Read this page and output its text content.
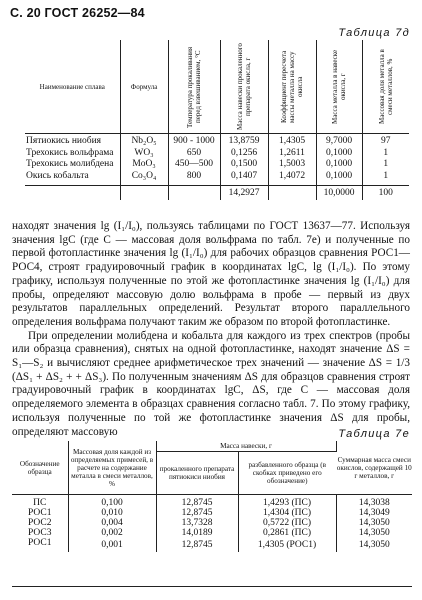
С. 20 ГОСТ 26252—84
Таблица 7д
Наименование сплава	Формула	Температура прокаливания перед взвешиванием, °С	Масса навески прокаленного препарата окисла, г	Коэффициент пересчета массы металла на массу окисла	Масса металла в навеске окисла, г	Массовая доля металла в смеси металлов, %

Пятиокись ниобия	Nb₂O₅	900 - 1000	13,8759	1,4305	9,7000	97
Трехокись вольфрама	WO₃	650	0,1256	1,2611	0,1000	1
Трехокись молибдена	MoO₃	450—500	0,1500	1,5003	0,1000	1
Окись кобальта	Co₃O₄	800	0,1407	1,4072	0,1000	1
			14,2927		10,0000	100

находят значения lg (I₁/I₀), пользуясь таблицами по ГОСТ 13637—77. Используя значения lgC (где C — массовая доля вольфрама по табл. 7е) и полученные по первой фотопластинке значения lg (I₁/I₀) для рабочих образцов сравнения РОС1—РОС4, строят градуировочный график в координатах lgC, lg (I₁/I₀). По этому графику, используя полученные по этой же фотопластинке значения lg (I₁/I₀) для пробы, определяют массовую долю вольфрама в пробе — первый из двух результатов параллельных определений. Результат второго параллельного определения вольфрама получают таким же образом по второй фотопластинке.

При определении молибдена и кобальта для каждого из трех спектров (пробы или образца сравнения), снятых на одной фотопластинке, находят значение ΔS = S₁—S₂ и вычисляют среднее арифметическое трех значений — значение ΔS = 1/3 (ΔS₁ + ΔS₂ + + ΔS₃). По полученным значениям ΔS для образцов сравнения строят градуировочный график в координатах lgC, ΔS, где C — массовая доля определяемого элемента в образцах сравнения согласно табл. 7. По этому графику, используя полученные по той же фотопластинке значения ΔS для пробы, определяют массовую	Таблица 7е
Обозначение образца	Массовая доля каждой из определяемых примесей, в расчете на содержание металла в смеси металлов, %	Масса навески, г		Суммарная масса смеси окислов, содержащей 10 г металлов, г
		прокаленного препарата пятиокиси ниобия	разбавленного образца (в скобках приведено его обозначение)	
ПС	0,100	12,8745	1,4293 (ПС)	14,3038
РОС1	0,010	12,8745	1,4304 (ПС)	14,3049
РОС2	0,004	13,7328	0,5722 (ПС)	14,3050
РОС3	0,002	14,0189	0,2861 (ПС)	14,3050
РОС1	0,001	12,8745	1,4305 (РОС1)	14,3050
